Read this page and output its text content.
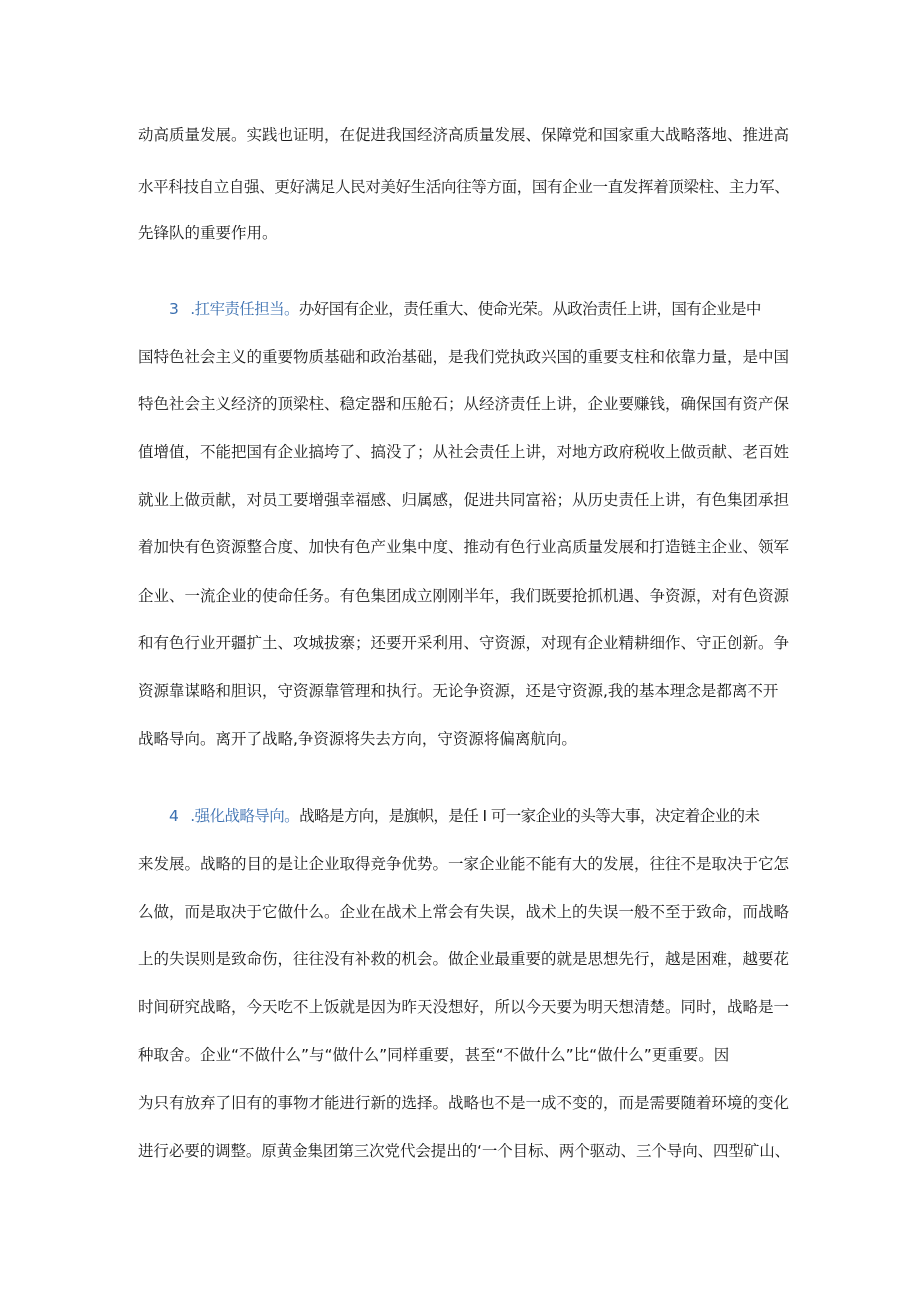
动高质量发展。实践也证明，在促进我国经济高质量发展、保障党和国家重大战略落地、推进高
水平科技自立自强、更好满足人民对美好生活向往等方面，国有企业一直发挥着顶梁柱、主力军、
先锋队的重要作用。
3 .扛牢责任担当。办好国有企业，责任重大、使命光荣。从政治责任上讲，国有企业是中
国特色社会主义的重要物质基础和政治基础，是我们党执政兴国的重要支柱和依靠力量，是中国
特色社会主义经济的顶梁柱、稳定器和压舱石；从经济责任上讲，企业要赚钱，确保国有资产保
值增值，不能把国有企业搞垮了、搞没了；从社会责任上讲，对地方政府税收上做贡献、老百姓
就业上做贡献，对员工要增强幸福感、归属感，促进共同富裕；从历史责任上讲，有色集团承担
着加快有色资源整合度、加快有色产业集中度、推动有色行业高质量发展和打造链主企业、领军
企业、一流企业的使命任务。有色集团成立刚刚半年，我们既要抢抓机遇、争资源，对有色资源
和有色行业开疆扩土、攻城拔寨；还要开采利用、守资源，对现有企业精耕细作、守正创新。争
资源靠谋略和胆识，守资源靠管理和执行。无论争资源，还是守资源,我的基本理念是都离不开
战略导向。离开了战略,争资源将失去方向，守资源将偏离航向。
4 .强化战略导向。战略是方向，是旗帜，是任 I 可一家企业的头等大事，决定着企业的未
来发展。战略的目的是让企业取得竞争优势。一家企业能不能有大的发展，往往不是取决于它怎
么做，而是取决于它做什么。企业在战术上常会有失误，战术上的失误一般不至于致命，而战略
上的失误则是致命伤，往往没有补救的机会。做企业最重要的就是思想先行，越是困难，越要花
时间研究战略，今天吃不上饭就是因为昨天没想好，所以今天要为明天想清楚。同时，战略是一
种取舍。企业“不做什么”与“做什么”同样重要，甚至“不做什么”比“做什么”更重要。因
为只有放弃了旧有的事物才能进行新的选择。战略也不是一成不变的，而是需要随着环境的变化
进行必要的调整。原黄金集团第三次党代会提出的‘一个目标、两个驱动、三个导向、四型矿山、
